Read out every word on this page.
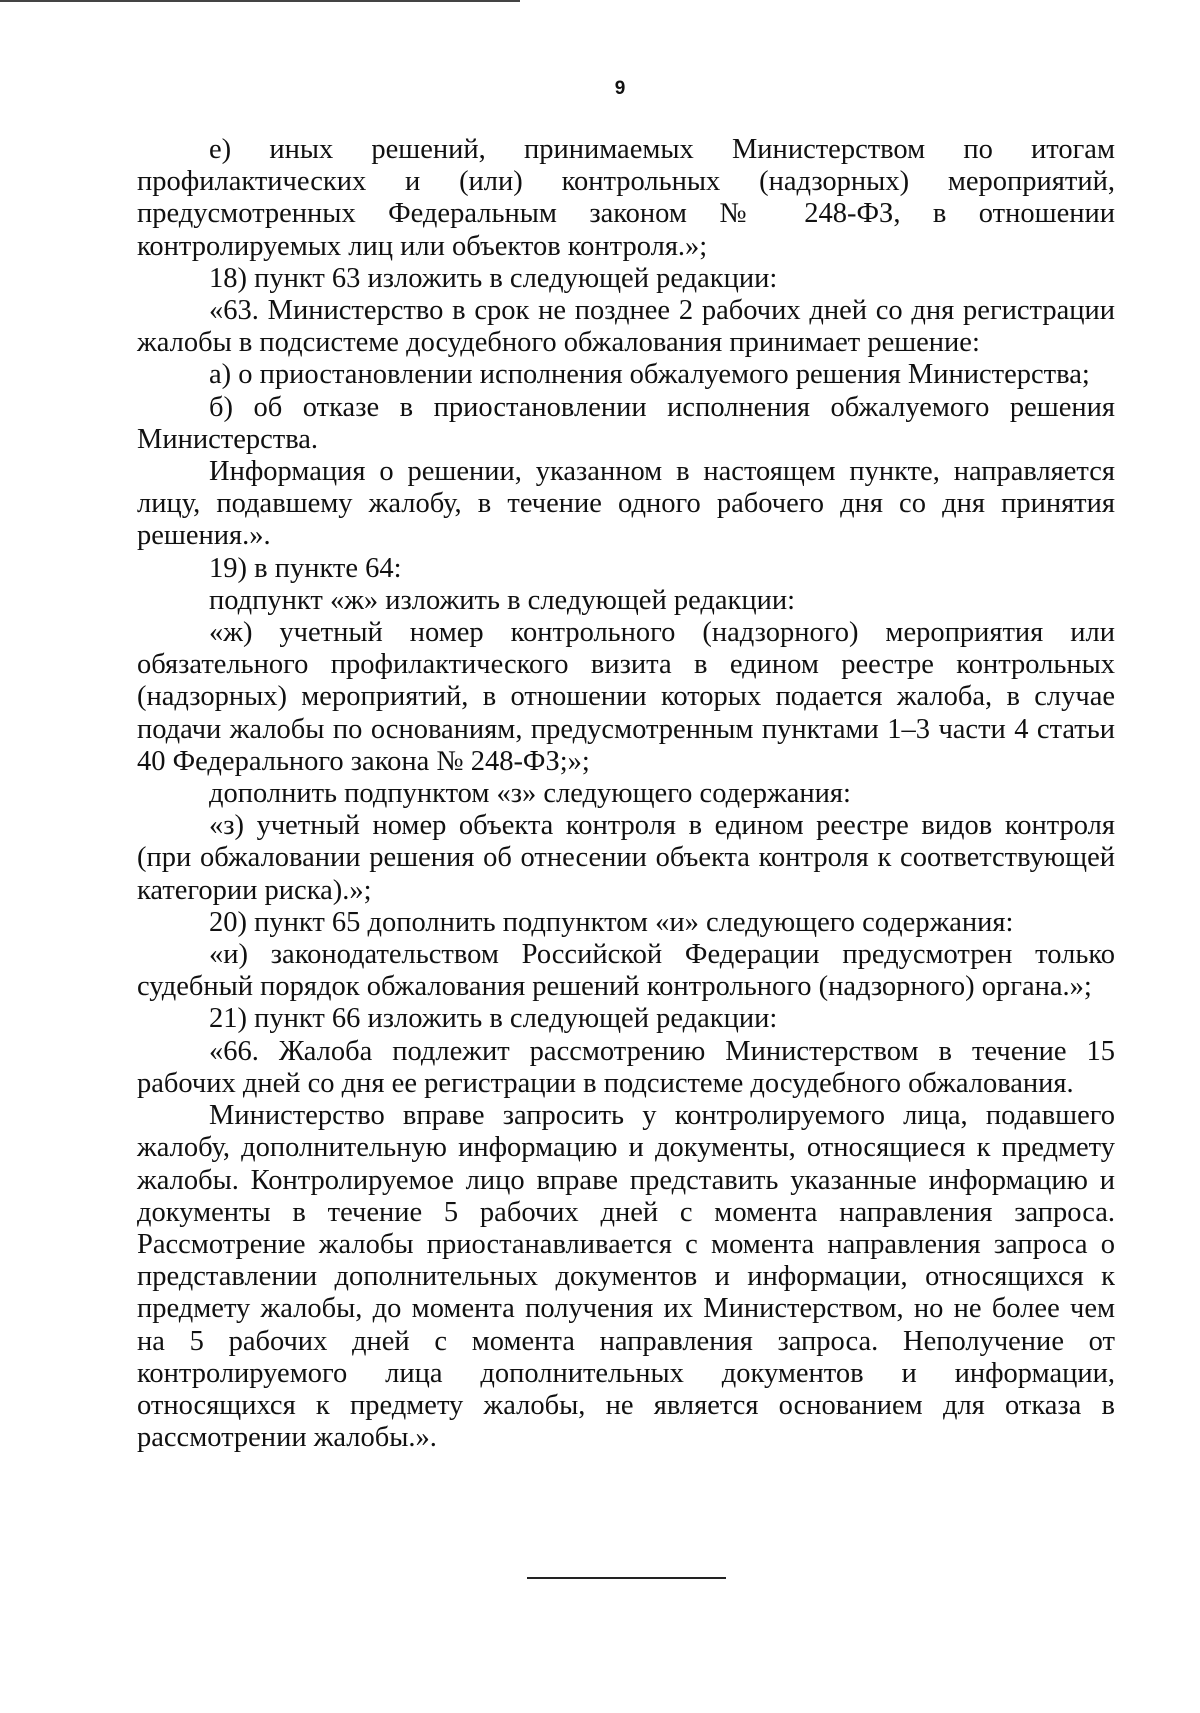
9

е) иных решений, принимаемых Министерством по итогам профилактических и (или) контрольных (надзорных) мероприятий, предусмотренных Федеральным законом № 248-ФЗ, в отношении контролируемых лиц или объектов контроля.»;

18) пункт 63 изложить в следующей редакции:

«63. Министерство в срок не позднее 2 рабочих дней со дня регистрации жалобы в подсистеме досудебного обжалования принимает решение:

а) о приостановлении исполнения обжалуемого решения Министерства;

б) об отказе в приостановлении исполнения обжалуемого решения Министерства.

Информация о решении, указанном в настоящем пункте, направляется лицу, подавшему жалобу, в течение одного рабочего дня со дня принятия решения.».

19) в пункте 64:

подпункт «ж» изложить в следующей редакции:

«ж) учетный номер контрольного (надзорного) мероприятия или обязательного профилактического визита в едином реестре контрольных (надзорных) мероприятий, в отношении которых подается жалоба, в случае подачи жалобы по основаниям, предусмотренным пунктами 1–3 части 4 статьи 40 Федерального закона № 248-ФЗ;»;

дополнить подпунктом «з» следующего содержания:

«з) учетный номер объекта контроля в едином реестре видов контроля (при обжаловании решения об отнесении объекта контроля к соответствующей категории риска).»;

20) пункт 65 дополнить подпунктом «и» следующего содержания:

«и) законодательством Российской Федерации предусмотрен только судебный порядок обжалования решений контрольного (надзорного) органа.»;

21) пункт 66 изложить в следующей редакции:

«66. Жалоба подлежит рассмотрению Министерством в течение 15 рабочих дней со дня ее регистрации в подсистеме досудебного обжалования.

Министерство вправе запросить у контролируемого лица, подавшего жалобу, дополнительную информацию и документы, относящиеся к предмету жалобы. Контролируемое лицо вправе представить указанные информацию и документы в течение 5 рабочих дней с момента направления запроса. Рассмотрение жалобы приостанавливается с момента направления запроса о представлении дополнительных документов и информации, относящихся к предмету жалобы, до момента получения их Министерством, но не более чем на 5 рабочих дней с момента направления запроса. Неполучение от контролируемого лица дополнительных документов и информации, относящихся к предмету жалобы, не является основанием для отказа в рассмотрении жалобы.».
